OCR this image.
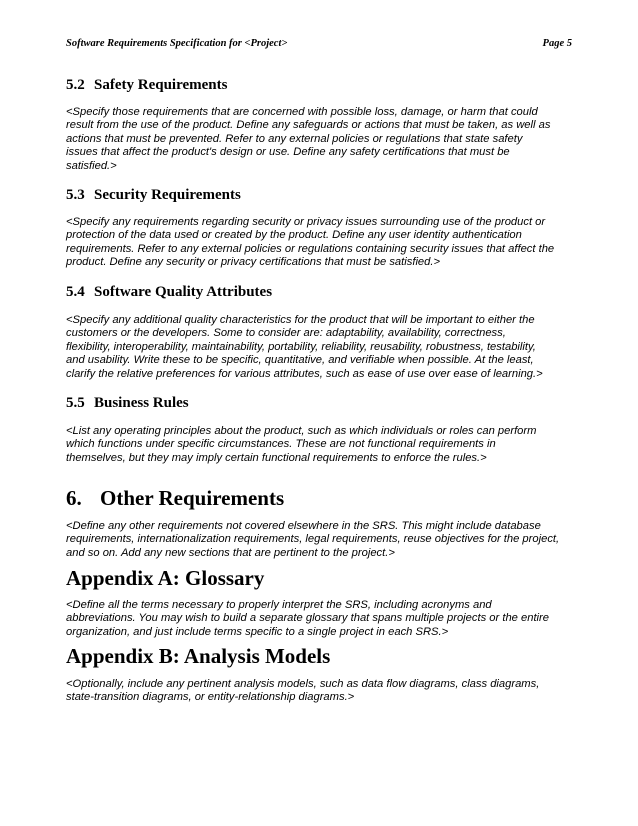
Software Requirements Specification for <Project>	Page 5
5.2 Safety Requirements
<Specify those requirements that are concerned with possible loss, damage, or harm that could
result from the use of the product. Define any safeguards or actions that must be taken, as well as
actions that must be prevented. Refer to any external policies or regulations that state safety
issues that affect the product's design or use. Define any safety certifications that must be
satisfied.>
5.3 Security Requirements
<Specify any requirements regarding security or privacy issues surrounding use of the product or
protection of the data used or created by the product. Define any user identity authentication
requirements. Refer to any external policies or regulations containing security issues that affect the
product. Define any security or privacy certifications that must be satisfied.>
5.4 Software Quality Attributes
<Specify any additional quality characteristics for the product that will be important to either the
customers or the developers. Some to consider are: adaptability, availability, correctness,
flexibility, interoperability, maintainability, portability, reliability, reusability, robustness, testability,
and usability. Write these to be specific, quantitative, and verifiable when possible. At the least,
clarify the relative preferences for various attributes, such as ease of use over ease of learning.>
5.5 Business Rules
<List any operating principles about the product, such as which individuals or roles can perform
which functions under specific circumstances. These are not functional requirements in
themselves, but they may imply certain functional requirements to enforce the rules.>
6. Other Requirements
<Define any other requirements not covered elsewhere in the SRS. This might include database
requirements, internationalization requirements, legal requirements, reuse objectives for the project,
and so on. Add any new sections that are pertinent to the project.>
Appendix A: Glossary
<Define all the terms necessary to properly interpret the SRS, including acronyms and
abbreviations. You may wish to build a separate glossary that spans multiple projects or the entire
organization, and just include terms specific to a single project in each SRS.>
Appendix B: Analysis Models
<Optionally, include any pertinent analysis models, such as data flow diagrams, class diagrams,
state-transition diagrams, or entity-relationship diagrams.>
